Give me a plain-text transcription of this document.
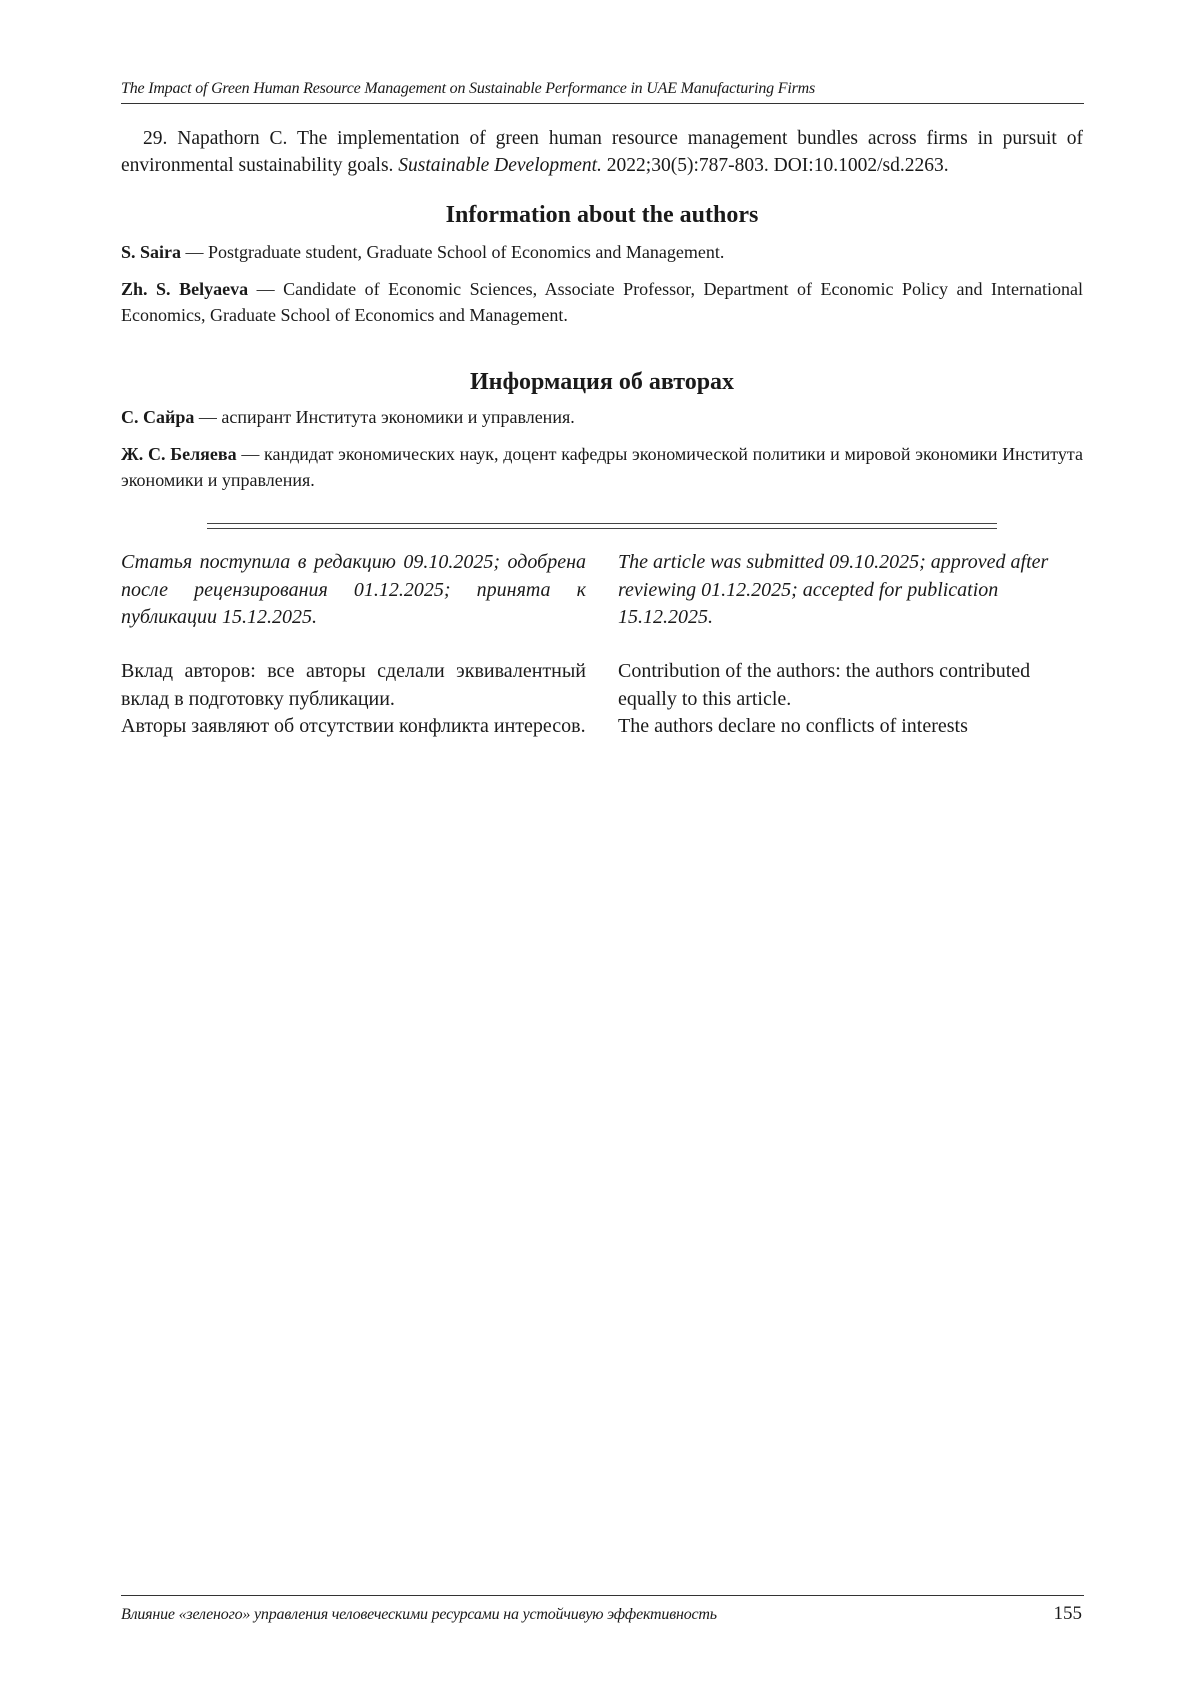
The Impact of Green Human Resource Management on Sustainable Performance in UAE Manufacturing Firms
29. Napathorn C. The implementation of green human resource management bundles across firms in pursuit of environmental sustainability goals. Sustainable Development. 2022;30(5):787-803. DOI:10.1002/sd.2263.
Information about the authors
S. Saira — Postgraduate student, Graduate School of Economics and Management.
Zh. S. Belyaeva — Candidate of Economic Sciences, Associate Professor, Department of Economic Policy and International Economics, Graduate School of Economics and Management.
Информация об авторах
С. Сайра — аспирант Института экономики и управления.
Ж. С. Беляева — кандидат экономических наук, доцент кафедры экономической политики и мировой экономики Института экономики и управления.
Статья поступила в редакцию 09.10.2025; одобрена после рецензирования 01.12.2025; принята к публикации 15.12.2025.
The article was submitted 09.10.2025; approved after reviewing 01.12.2025; accepted for publication 15.12.2025.
Вклад авторов: все авторы сделали эквивалентный вклад в подготовку публикации.
Авторы заявляют об отсутствии конфликта интересов.
Contribution of the authors: the authors contributed equally to this article.
The authors declare no conflicts of interests
Влияние «зеленого» управления человеческими ресурсами на устойчивую эффективность	155
